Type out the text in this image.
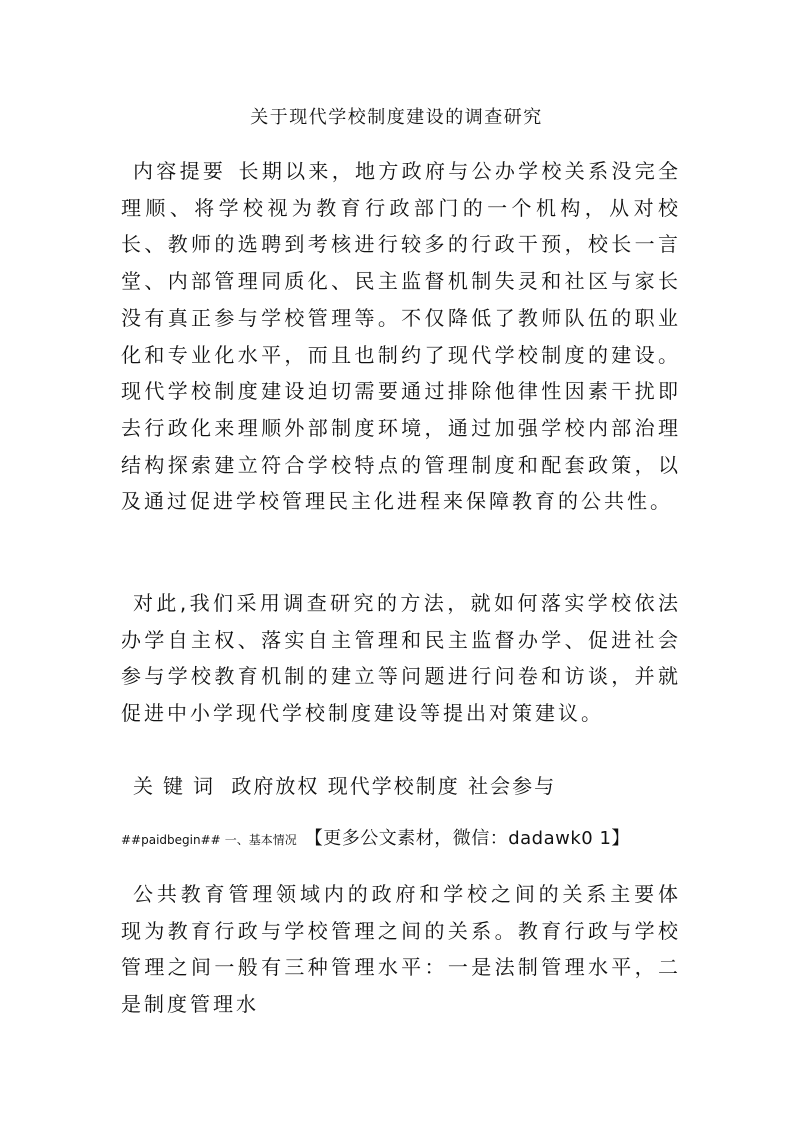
关于现代学校制度建设的调查研究

内容提要 长期以来，地方政府与公办学校关系没完全理顺、将学校视为教育行政部门的一个机构，从对校长、教师的选聘到考核进行较多的行政干预，校长一言堂、内部管理同质化、民主监督机制失灵和社区与家长没有真正参与学校管理等。不仅降低了教师队伍的职业化和专业化水平，而且也制约了现代学校制度的建设。现代学校制度建设迫切需要通过排除他律性因素干扰即去行政化来理顺外部制度环境，通过加强学校内部治理结构探索建立符合学校特点的管理制度和配套政策，以及通过促进学校管理民主化进程来保障教育的公共性。

对此,我们采用调查研究的方法，就如何落实学校依法办学自主权、落实自主管理和民主监督办学、促进社会参与学校教育机制的建立等问题进行问卷和访谈，并就促进中小学现代学校制度建设等提出对策建议。

关键词 政府放权 现代学校制度 社会参与

##paidbegin## 一、基本情况 【更多公文素材，微信：dadawk0 1】

公共教育管理领域内的政府和学校之间的关系主要体现为教育行政与学校管理之间的关系。教育行政与学校管理之间一般有三种管理水平：一是法制管理水平，二是制度管理水
